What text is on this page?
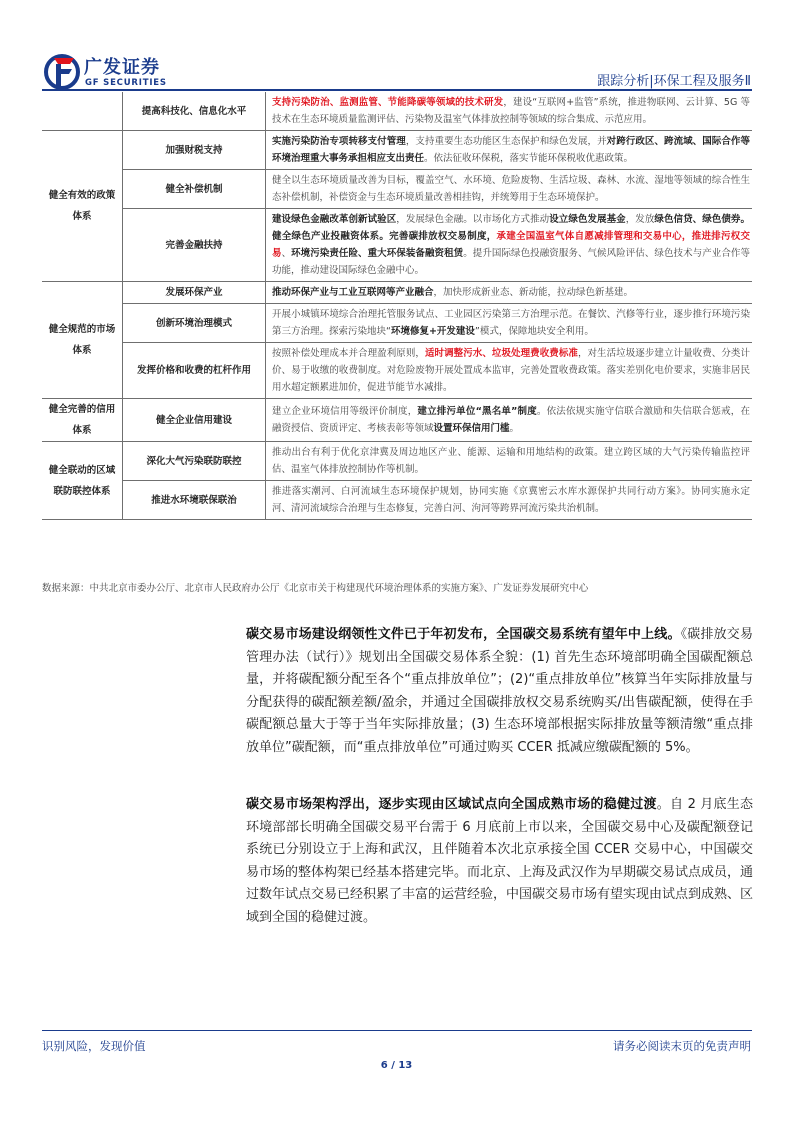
广发证券
GF SECURITIES	跟踪分析|环保工程及服务Ⅱ
	提高科技化、信息化水平	支持污染防治、监测监管、节能降碳等领域的技术研发，建设“互联网+监管”系统，推进物联网、云计算、5G 等技术在生态环境质量监测评估、污染物及温室气体排放控制等领域的综合集成、示范应用。
健全有效的政策体系	加强财税支持	实施污染防治专项转移支付管理，支持重要生态功能区生态保护和绿色发展，并对跨行政区、跨流域、国际合作等环境治理重大事务承担相应支出责任。依法征收环保税，落实节能环保税收优惠政策。
	健全补偿机制	健全以生态环境质量改善为目标，覆盖空气、水环境、危险废物、生活垃圾、森林、水流、湿地等领域的综合性生态补偿机制，补偿资金与生态环境质量改善相挂钩，并统筹用于生态环境保护。
	完善金融扶持	建设绿色金融改革创新试验区，发展绿色金融。以市场化方式推动设立绿色发展基金，发放绿色信贷、绿色债券。健全绿色产业投融资体系。完善碳排放权交易制度，承建全国温室气体自愿减排管理和交易中心，推进排污权交易、环境污染责任险、重大环保装备融资租赁。提升国际绿色投融资服务、气候风险评估、绿色技术与产业合作等功能，推动建设国际绿色金融中心。
健全规范的市场体系	发展环保产业	推动环保产业与工业互联网等产业融合，加快形成新业态、新动能，拉动绿色新基建。
	创新环境治理模式	开展小城镇环境综合治理托管服务试点、工业园区污染第三方治理示范。在餐饮、汽修等行业，逐步推行环境污染第三方治理。探索污染地块“环境修复+开发建设”模式，保障地块安全利用。
	发挥价格和收费的杠杆作用	按照补偿处理成本并合理盈利原则，适时调整污水、垃圾处理费收费标准，对生活垃圾逐步建立计量收费、分类计价、易于收缴的收费制度。对危险废物开展处置成本监审，完善处置收费政策。落实差别化电价要求，实施非居民用水超定额累进加价，促进节能节水减排。
健全完善的信用体系	健全企业信用建设	建立企业环境信用等级评价制度，建立排污单位“黑名单”制度。依法依规实施守信联合激励和失信联合惩戒，在融资授信、资质评定、考核表彰等领域设置环保信用门槛。
健全联动的区域联防联控体系	深化大气污染联防联控	推动出台有利于优化京津冀及周边地区产业、能源、运输和用地结构的政策。建立跨区域的大气污染传输监控评估、温室气体排放控制协作等机制。
	推进水环境联保联治	推进落实潮河、白河流域生态环境保护规划，协同实施《京冀密云水库水源保护共同行动方案》。协同实施永定河、清河流域综合治理与生态修复，完善白河、泃河等跨界河流污染共治机制。
数据来源：中共北京市委办公厅、北京市人民政府办公厅《北京市关于构建现代环境治理体系的实施方案》、广发证券发展研究中心

碳交易市场建设纲领性文件已于年初发布，全国碳交易系统有望年中上线。《碳排放交易管理办法（试行）》规划出全国碳交易体系全貌：(1) 首先生态环境部明确全国碳配额总量，并将碳配额分配至各个“重点排放单位”；(2)“重点排放单位”核算当年实际排放量与分配获得的碳配额差额/盈余，并通过全国碳排放权交易系统购买/出售碳配额，使得在手碳配额总量大于等于当年实际排放量；(3) 生态环境部根据实际排放量等额清缴“重点排放单位”碳配额，而“重点排放单位”可通过购买 CCER 抵减应缴碳配额的 5%。

碳交易市场架构浮出，逐步实现由区域试点向全国成熟市场的稳健过渡。自 2 月底生态环境部部长明确全国碳交易平台需于 6 月底前上市以来，全国碳交易中心及碳配额登记系统已分别设立于上海和武汉，且伴随着本次北京承接全国 CCER 交易中心，中国碳交易市场的整体构架已经基本搭建完毕。而北京、上海及武汉作为早期碳交易试点成员，通过数年试点交易已经积累了丰富的运营经验，中国碳交易市场有望实现由试点到成熟、区域到全国的稳健过渡。

识别风险，发现价值	请务必阅读末页的免责声明
6 / 13
